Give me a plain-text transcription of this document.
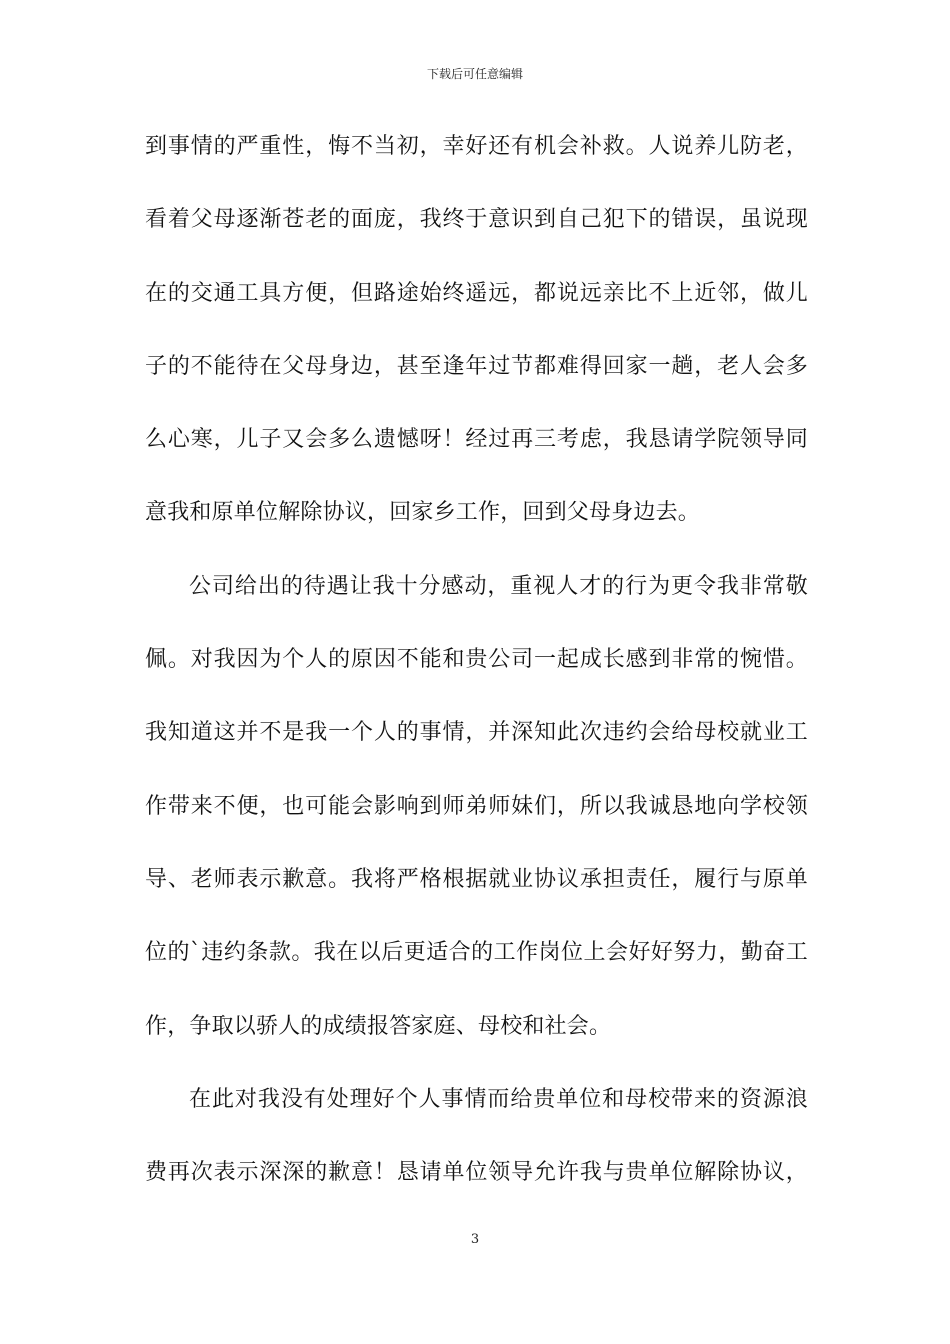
下载后可任意编辑
到事情的严重性，悔不当初，幸好还有机会补救。人说养儿防老，
看着父母逐渐苍老的面庞，我终于意识到自己犯下的错误，虽说现
在的交通工具方便，但路途始终遥远，都说远亲比不上近邻，做儿
子的不能待在父母身边，甚至逢年过节都难得回家一趟，老人会多
么心寒，儿子又会多么遗憾呀！经过再三考虑，我恳请学院领导同
意我和原单位解除协议，回家乡工作，回到父母身边去。
公司给出的待遇让我十分感动，重视人才的行为更令我非常敬
佩。对我因为个人的原因不能和贵公司一起成长感到非常的惋惜。
我知道这并不是我一个人的事情，并深知此次违约会给母校就业工
作带来不便，也可能会影响到师弟师妹们，所以我诚恳地向学校领
导、老师表示歉意。我将严格根据就业协议承担责任，履行与原单
位的`违约条款。我在以后更适合的工作岗位上会好好努力，勤奋工
作，争取以骄人的成绩报答家庭、母校和社会。
在此对我没有处理好个人事情而给贵单位和母校带来的资源浪
费再次表示深深的歉意！恳请单位领导允许我与贵单位解除协议，
3
